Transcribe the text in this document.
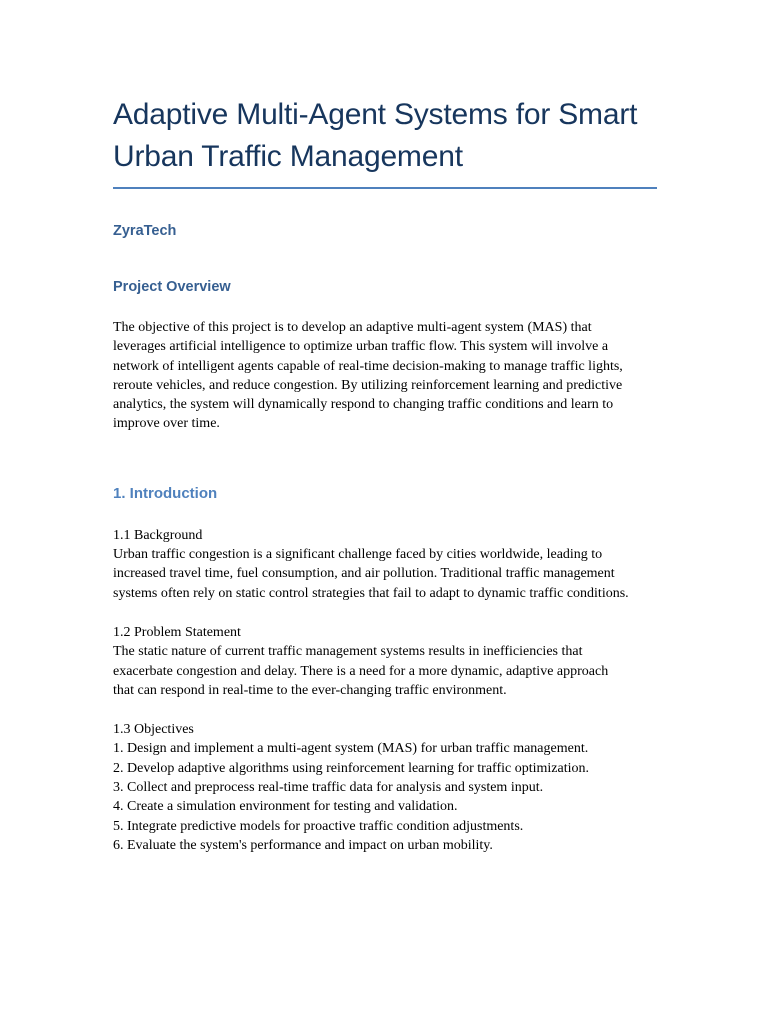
Adaptive Multi-Agent Systems for Smart
Urban Traffic Management
ZyraTech
Project Overview

The objective of this project is to develop an adaptive multi-agent system (MAS) that
leverages artificial intelligence to optimize urban traffic flow. This system will involve a
network of intelligent agents capable of real-time decision-making to manage traffic lights,
reroute vehicles, and reduce congestion. By utilizing reinforcement learning and predictive
analytics, the system will dynamically respond to changing traffic conditions and learn to
improve over time.

1. Introduction
1.1 Background
Urban traffic congestion is a significant challenge faced by cities worldwide, leading to
increased travel time, fuel consumption, and air pollution. Traditional traffic management
systems often rely on static control strategies that fail to adapt to dynamic traffic conditions.
1.2 Problem Statement
The static nature of current traffic management systems results in inefficiencies that
exacerbate congestion and delay. There is a need for a more dynamic, adaptive approach
that can respond in real-time to the ever-changing traffic environment.
1.3 Objectives
1. Design and implement a multi-agent system (MAS) for urban traffic management.
2. Develop adaptive algorithms using reinforcement learning for traffic optimization.
3. Collect and preprocess real-time traffic data for analysis and system input.
4. Create a simulation environment for testing and validation.
5. Integrate predictive models for proactive traffic condition adjustments.
6. Evaluate the system's performance and impact on urban mobility.
